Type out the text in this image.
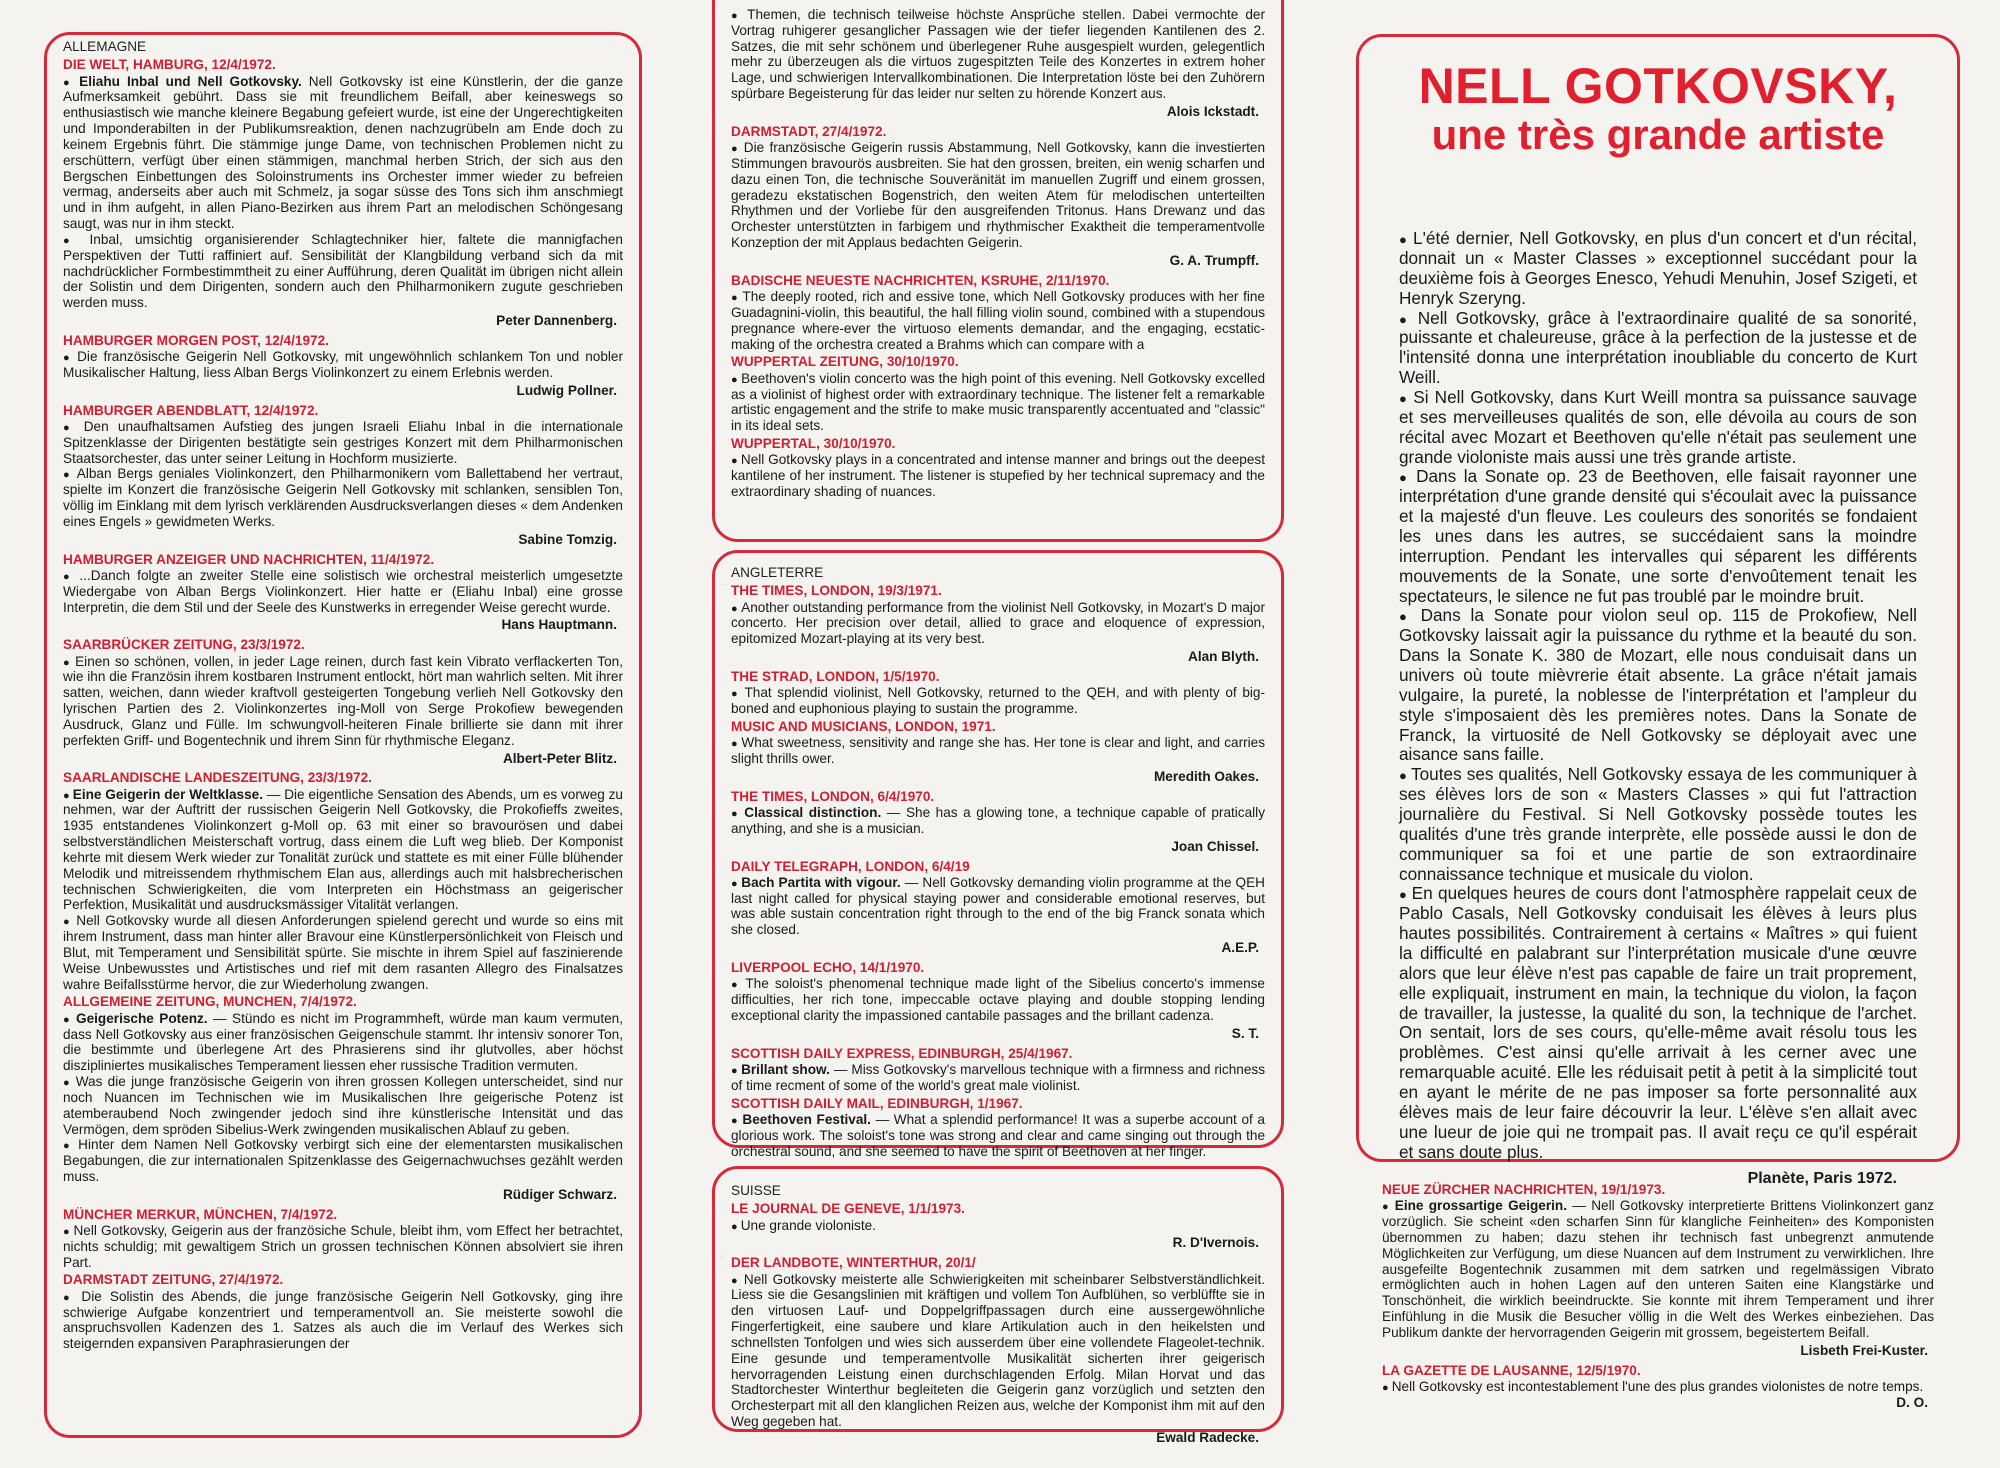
ALLEMAGNE
DIE WELT, HAMBURG, 12/4/1972.

● Eliahu Inbal und Nell Gotkovsky. Nell Gotkovsky ist eine Künstlerin, der die ganze Aufmerksamkeit gebührt. Dass sie mit freundlichem Beifall, aber keineswegs so enthusiastisch wie manche kleinere Begabung gefeiert wurde, ist eine der Ungerechtigkeiten und Imponderabilten in der Publikumsreaktion, denen nachzugrübeln am Ende doch zu keinem Ergebnis führt. Die stämmige junge Dame, von technischen Problemen nicht zu erschüttern, verfügt über einen stämmigen, manchmal herben Strich, der sich aus den Bergschen Einbettungen des Soloinstruments ins Orchester immer wieder zu befreien vermag, anderseits aber auch mit Schmelz, ja sogar süsse des Tons sich ihm anschmiegt und in ihm aufgeht, in allen Piano-Bezirken aus ihrem Part an melodischen Schöngesang saugt, was nur in ihm steckt.

● Inbal, umsichtig organisierender Schlagtechniker hier, faltete die mannigfachen Perspektiven der Tutti raffiniert auf. Sensibilität der Klangbildung verband sich da mit nachdrücklicher Formbestimmtheit zu einer Aufführung, deren Qualität im übrigen nicht allein der Solistin und dem Dirigenten, sondern auch den Philharmonikern zugute geschrieben werden muss.

Peter Dannenberg.
HAMBURGER MORGEN POST, 12/4/1972.

● Die französische Geigerin Nell Gotkovsky, mit ungewöhnlich schlankem Ton und nobler Musikalischer Haltung, liess Alban Bergs Violinkonzert zu einem Erlebnis werden.

Ludwig Pollner.
HAMBURGER ABENDBLATT, 12/4/1972.

● Den unaufhaltsamen Aufstieg des jungen Israeli Eliahu Inbal in die internationale Spitzenklasse der Dirigenten bestätigte sein gestriges Konzert mit dem Philharmonischen Staatsorchester, das unter seiner Leitung in Hochform musizierte.

● Alban Bergs geniales Violinkonzert, den Philharmonikern vom Ballettabend her vertraut, spielte im Konzert die französische Geigerin Nell Gotkovsky mit schlanken, sensiblen Ton, völlig im Einklang mit dem lyrisch verklärenden Ausdrucksverlangen dieses « dem Andenken eines Engels » gewidmeten Werks.

Sabine Tomzig.
HAMBURGER ANZEIGER UND NACHRICHTEN, 11/4/1972.

● ...Danch folgte an zweiter Stelle eine solistisch wie orchestral meisterlich umgesetzte Wiedergabe von Alban Bergs Violinkonzert. Hier hatte er (Eliahu Inbal) eine grosse Interpretin, die dem Stil und der Seele des Kunstwerks in erregender Weise gerecht wurde.

Hans Hauptmann.
SAARBRÜCKER ZEITUNG, 23/3/1972.

● Einen so schönen, vollen, in jeder Lage reinen, durch fast kein Vibrato verflackerten Ton, wie ihn die Französin ihrem kostbaren Instrument entlockt, hört man wahrlich selten. Mit ihrer satten, weichen, dann wieder kraftvoll gesteigerten Tongebung verlieh Nell Gotkovsky den lyrischen Partien des 2. Violinkonzertes ing-Moll von Serge Prokofiew bewegenden Ausdruck, Glanz und Fülle. Im schwungvoll-heiteren Finale brillierte sie dann mit ihrer perfekten Griff- und Bogentechnik und ihrem Sinn für rhythmische Eleganz.

Albert-Peter Blitz.
SAARLANDISCHE LANDESZEITUNG, 23/3/1972.

● Eine Geigerin der Weltklasse. — Die eigentliche Sensation des Abends, um es vorweg zu nehmen, war der Auftritt der russischen Geigerin Nell Gotkovsky, die Prokofieffs zweites, 1935 entstandenes Violinkonzert g-Moll op. 63 mit einer so bravourösen und dabei selbstverständlichen Meisterschaft vortrug, dass einem die Luft weg blieb. Der Komponist kehrte mit diesem Werk wieder zur Tonalität zurück und stattete es mit einer Fülle blühender Melodik und mitreissendem rhythmischem Elan aus, allerdings auch mit halsbrecherischen technischen Schwierigkeiten, die vom Interpreten ein Höchstmass an geigerischer Perfektion, Musikalität und ausdrucksmässiger Vitalität verlangen.

● Nell Gotkovsky wurde all diesen Anforderungen spielend gerecht und wurde so eins mit ihrem Instrument, dass man hinter aller Bravour eine Künstlerpersönlichkeit von Fleisch und Blut, mit Temperament und Sensibilität spürte. Sie mischte in ihrem Spiel auf faszinierende Weise Unbewusstes und Artistisches und rief mit dem rasanten Allegro des Finalsatzes wahre Beifallsstürme hervor, die zur Wiederholung zwangen.

ALLGEMEINE ZEITUNG, MUNCHEN, 7/4/1972.

● Geigerische Potenz. — Stündo es nicht im Programmheft, würde man kaum vermuten, dass Nell Gotkovsky aus einer französischen Geigenschule stammt. Ihr intensiv sonorer Ton, die bestimmte und überlegene Art des Phrasierens sind ihr glutvolles, aber höchst diszipliniertes musikalisches Temperament liessen eher russische Tradition vermuten.

● Was die junge französische Geigerin von ihren grossen Kollegen unterscheidet, sind nur noch Nuancen im Technischen wie im Musikalischen Ihre geigerische Potenz ist atemberaubend Noch zwingender jedoch sind ihre künstlerische Intensität und das Vermögen, dem spröden Sibelius-Werk zwingenden musikalischen Ablauf zu geben.

● Hinter dem Namen Nell Gotkovsky verbirgt sich eine der elementarsten musikalischen Begabungen, die zur internationalen Spitzenklasse des Geigernachwuchses gezählt werden muss.

Rüdiger Schwarz.
MÜNCHER MERKUR, MÜNCHEN, 7/4/1972.

● Nell Gotkovsky, Geigerin aus der französiche Schule, bleibt ihm, vom Effect her betrachtet, nichts schuldig; mit gewaltigem Strich un grossen technischen Können absolviert sie ihren Part.

DARMSTADT ZEITUNG, 27/4/1972.

● Die Solistin des Abends, die junge französische Geigerin Nell Gotkovsky, ging ihre schwierige Aufgabe konzentriert und temperamentvoll an. Sie meisterte sowohl die anspruchsvollen Kadenzen des 1. Satzes als auch die im Verlauf des Werkes sich steigernden expansiven Paraphrasierungen der

● Themen, die technisch teilweise höchste Ansprüche stellen. Dabei vermochte der Vortrag ruhigerer gesanglicher Passagen wie der tiefer liegenden Kantilenen des 2. Satzes, die mit sehr schönem und überlegener Ruhe ausgespielt wurden, gelegentlich mehr zu überzeugen als die virtuos zugespitzten Teile des Konzertes in extrem hoher Lage, und schwierigen Intervallkombinationen. Die Interpretation löste bei den Zuhörern spürbare Begeisterung für das leider nur selten zu hörende Konzert aus.

Alois Ickstadt.
DARMSTADT, 27/4/1972.

● Die französische Geigerin russis Abstammung, Nell Gotkovsky, kann die investierten Stimmungen bravourös ausbreiten. Sie hat den grossen, breiten, ein wenig scharfen und dazu einen Ton, die technische Souveränität im manuellen Zugriff und einem grossen, geradezu ekstatischen Bogenstrich, den weiten Atem für melodischen unterteilten Rhythmen und der Vorliebe für den ausgreifenden Tritonus. Hans Drewanz und das Orchester unterstützten in farbigem und rhythmischer Exaktheit die temperamentvolle Konzeption der mit Applaus bedachten Geigerin.

G. A. Trumpff.
BADISCHE NEUESTE NACHRICHTEN, KSRUHE, 2/11/1970.

● The deeply rooted, rich and essive tone, which Nell Gotkovsky produces with her fine Guadagnini-violin, this beautiful, the hall filling violin sound, combined with a stupendous pregnance where-ever the virtuoso elements demandar, and the engaging, ecstatic-making of the orchestra created a Brahms which can compare with a

WUPPERTAL ZEITUNG, 30/10/1970.

● Beethoven's violin concerto was the high point of this evening. Nell Gotkovsky excelled as a violinist of highest order with extraordinary technique. The listener felt a remarkable artistic engagement and the strife to make music transparently accentuated and "classic" in its ideal sets.

WUPPERTAL, 30/10/1970.

● Nell Gotkovsky plays in a concentrated and intense manner and brings out the deepest kantilene of her instrument. The listener is stupefied by her technical supremacy and the extraordinary shading of nuances.

ANGLETERRE
THE TIMES, LONDON, 19/3/1971.

● Another outstanding performance from the violinist Nell Gotkovsky, in Mozart's D major concerto. Her precision over detail, allied to grace and eloquence of expression, epitomized Mozart-playing at its very best.

Alan Blyth.
THE STRAD, LONDON, 1/5/1970.

● That splendid violinist, Nell Gotkovsky, returned to the QEH, and with plenty of big-boned and euphonious playing to sustain the programme.

MUSIC AND MUSICIANS, LONDON, 1971.

● What sweetness, sensitivity and range she has. Her tone is clear and light, and carries slight thrills ower.

Meredith Oakes.
THE TIMES, LONDON, 6/4/1970.

● Classical distinction. — She has a glowing tone, a technique capable of pratically anything, and she is a musician.

Joan Chissel.
DAILY TELEGRAPH, LONDON, 6/4/19

● Bach Partita with vigour. — Nell Gotkovsky demanding violin programme at the QEH last night called for physical staying power and considerable emotional reserves, but was able sustain concentration right through to the end of the big Franck sonata which she closed.

A.E.P.
LIVERPOOL ECHO, 14/1/1970.

● The soloist's phenomenal technique made light of the Sibelius concerto's immense difficulties, her rich tone, impeccable octave playing and double stopping lending exceptional clarity the impassioned cantabile passages and the brillant cadenza.

S. T.
SCOTTISH DAILY EXPRESS, EDINBURGH, 25/4/1967.

● Brillant show. — Miss Gotkovsky's marvellous technique with a firmness and richness of time recment of some of the world's great male violinist.

SCOTTISH DAILY MAIL, EDINBURGH, 1/1967.

● Beethoven Festival. — What a splendid performance! It was a superbe account of a glorious work. The soloist's tone was strong and clear and came singing out through the orchestral sound, and she seemed to have the spirit of Beethoven at her finger.

SUISSE
LE JOURNAL DE GENEVE, 1/1/1973.

● Une grande violoniste.

R. D'Ivernois.
DER LANDBOTE, WINTERTHUR, 20/1/

● Nell Gotkovsky meisterte alle Schwierigkeiten mit scheinbarer Selbstverständlichkeit. Liess sie die Gesangslinien mit kräftigen und vollem Ton Aufblühen, so verblüffte sie in den virtuosen Lauf- und Doppelgriffpassagen durch eine aussergewöhnliche Fingerfertigkeit, eine saubere und klare Artikulation auch in den heikelsten und schnellsten Tonfolgen und wies sich ausserdem über eine vollendete Flageolet-technik. Eine gesunde und temperamentvolle Musikalität sicherten ihrer geigerisch hervorragenden Leistung einen durchschlagenden Erfolg. Milan Horvat und das Stadtorchester Winterthur begleiteten die Geigerin ganz vorzüglich und setzten den Orchesterpart mit all den klanglichen Reizen aus, welche der Komponist ihm mit auf den Weg gegeben hat.

Ewald Radecke.
NELL GOTKOVSKY,
une très grande artiste

● L'été dernier, Nell Gotkovsky, en plus d'un concert et d'un récital, donnait un « Master Classes » exceptionnel succédant pour la deuxième fois à Georges Enesco, Yehudi Menuhin, Josef Szigeti, et Henryk Szeryng.

● Nell Gotkovsky, grâce à l'extraordinaire qualité de sa sonorité, puissante et chaleureuse, grâce à la perfection de la justesse et de l'intensité donna une interprétation inoubliable du concerto de Kurt Weill.

● Si Nell Gotkovsky, dans Kurt Weill montra sa puissance sauvage et ses merveilleuses qualités de son, elle dévoila au cours de son récital avec Mozart et Beethoven qu'elle n'était pas seulement une grande violoniste mais aussi une très grande artiste.

● Dans la Sonate op. 23 de Beethoven, elle faisait rayonner une interprétation d'une grande densité qui s'écoulait avec la puissance et la majesté d'un fleuve. Les couleurs des sonorités se fondaient les unes dans les autres, se succédaient sans la moindre interruption. Pendant les intervalles qui séparent les différents mouvements de la Sonate, une sorte d'envoûtement tenait les spectateurs, le silence ne fut pas troublé par le moindre bruit.

● Dans la Sonate pour violon seul op. 115 de Prokofiew, Nell Gotkovsky laissait agir la puissance du rythme et la beauté du son. Dans la Sonate K. 380 de Mozart, elle nous conduisait dans un univers où toute mièvrerie était absente. La grâce n'était jamais vulgaire, la pureté, la noblesse de l'interprétation et l'ampleur du style s'imposaient dès les premières notes. Dans la Sonate de Franck, la virtuosité de Nell Gotkovsky se déployait avec une aisance sans faille.

● Toutes ses qualités, Nell Gotkovsky essaya de les communiquer à ses élèves lors de son « Masters Classes » qui fut l'attraction journalière du Festival. Si Nell Gotkovsky possède toutes les qualités d'une très grande interprète, elle possède aussi le don de communiquer sa foi et une partie de son extraordinaire connaissance technique et musicale du violon.

● En quelques heures de cours dont l'atmosphère rappelait ceux de Pablo Casals, Nell Gotkovsky conduisait les élèves à leurs plus hautes possibilités. Contrairement à certains « Maîtres » qui fuient la difficulté en palabrant sur l'interprétation musicale d'une œuvre alors que leur élève n'est pas capable de faire un trait proprement, elle expliquait, instrument en main, la technique du violon, la façon de travailler, la justesse, la qualité du son, la technique de l'archet. On sentait, lors de ses cours, qu'elle-même avait résolu tous les problèmes. C'est ainsi qu'elle arrivait à les cerner avec une remarquable acuité. Elle les réduisait petit à petit à la simplicité tout en ayant le mérite de ne pas imposer sa forte personnalité aux élèves mais de leur faire découvrir la leur. L'élève s'en allait avec une lueur de joie qui ne trompait pas. Il avait reçu ce qu'il espérait et sans doute plus.

Planète, Paris 1972.
NEUE ZÜRCHER NACHRICHTEN, 19/1/1973.

● Eine grossartige Geigerin. — Nell Gotkovsky interpretierte Brittens Violinkonzert ganz vorzüglich. Sie scheint «den scharfen Sinn für klangliche Feinheiten» des Komponisten übernommen zu haben; dazu stehen ihr technisch fast unbegrenzt anmutende Möglichkeiten zur Verfügung, um diese Nuancen auf dem Instrument zu verwirklichen. Ihre ausgefeilte Bogentechnik zusammen mit dem satrken und regelmässigen Vibrato ermöglichten auch in hohen Lagen auf den unteren Saiten eine Klangstärke und Tonschönheit, die wirklich beeindruckte. Sie konnte mit ihrem Temperament und ihrer Einfühlung in die Musik die Besucher völlig in die Welt des Werkes einbeziehen. Das Publikum dankte der hervorragenden Geigerin mit grossem, begeistertem Beifall.

Lisbeth Frei-Kuster.
LA GAZETTE DE LAUSANNE, 12/5/1970.

● Nell Gotkovsky est incontestablement l'une des plus grandes violonistes de notre temps.

D. O.
